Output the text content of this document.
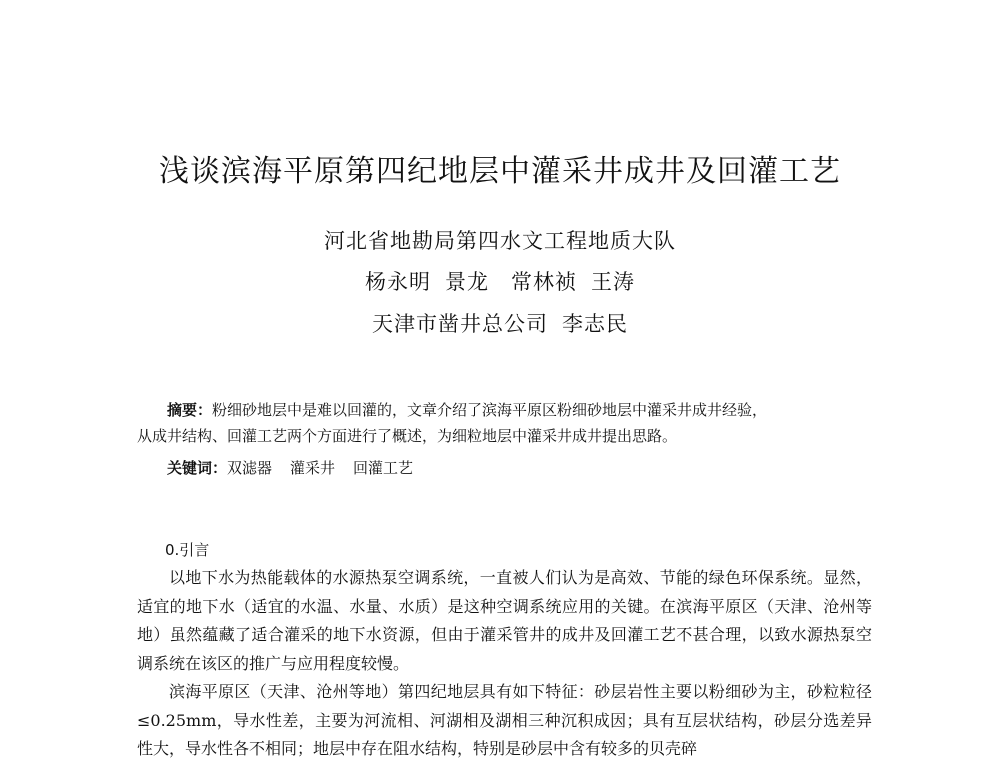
浅谈滨海平原第四纪地层中灌采井成井及回灌工艺
河北省地勘局第四水文工程地质大队
杨永明 景龙 常林祯 王涛
天津市凿井总公司 李志民

摘要：粉细砂地层中是难以回灌的，文章介绍了滨海平原区粉细砂地层中灌采井成井经验，

从成井结构、回灌工艺两个方面进行了概述，为细粒地层中灌采井成井提出思路。

关键词：双滤器 灌采井 回灌工艺
0.引言

以地下水为热能载体的水源热泵空调系统，一直被人们认为是高效、节能的绿色环保系统。显然，适宜的地下水（适宜的水温、水量、水质）是这种空调系统应用的关键。在滨海平原区（天津、沧州等地）虽然蕴藏了适合灌采的地下水资源，但由于灌采管井的成井及回灌工艺不甚合理，以致水源热泵空调系统在该区的推广与应用程度较慢。

滨海平原区（天津、沧州等地）第四纪地层具有如下特征：砂层岩性主要以粉细砂为主，砂粒粒径≤0.25mm，导水性差，主要为河流相、河湖相及湖相三种沉积成因；具有互层状结构，砂层分选差异性大，导水性各不相同；地层中存在阻水结构，特别是砂层中含有较多的贝壳碎
